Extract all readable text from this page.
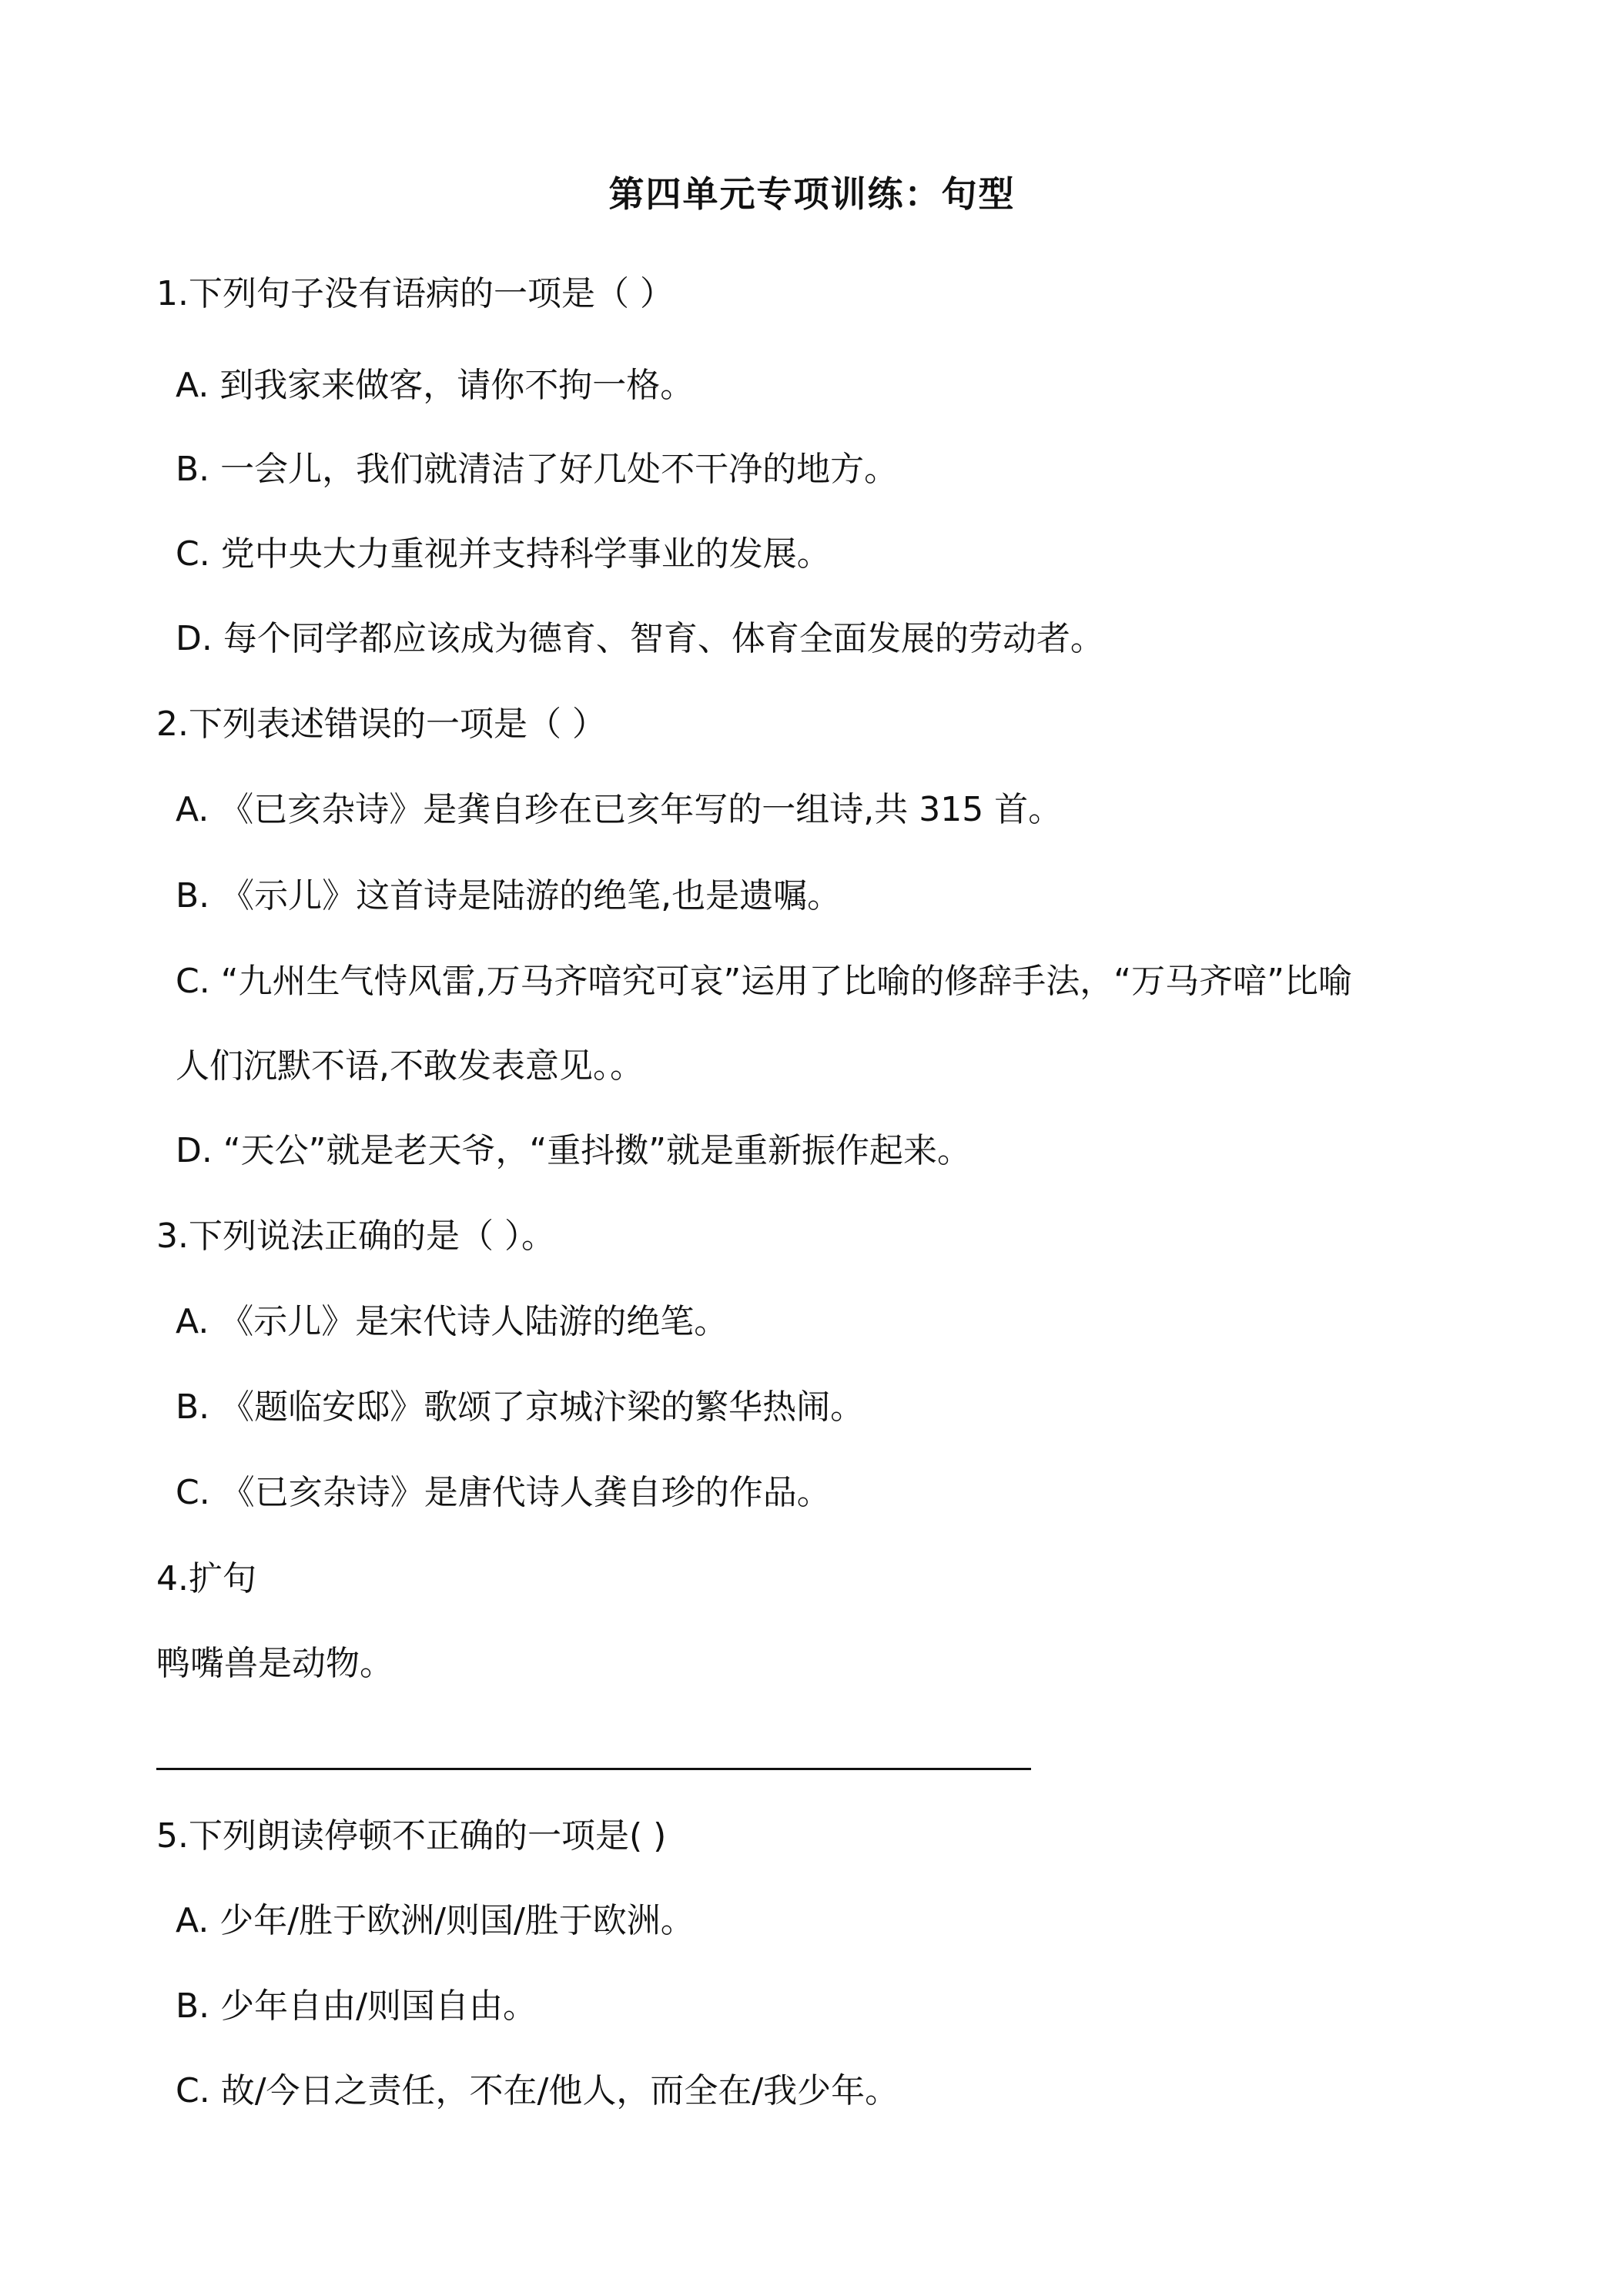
第四单元专项训练：句型
1.下列句子没有语病的一项是（ ）
A. 到我家来做客，请你不拘一格。
B. 一会儿，我们就清洁了好几处不干净的地方。
C. 党中央大力重视并支持科学事业的发展。
D. 每个同学都应该成为德育、智育、体育全面发展的劳动者。
2.下列表述错误的一项是（ ）
A. 《已亥杂诗》是龚自珍在已亥年写的一组诗,共 315 首。
B. 《示儿》这首诗是陆游的绝笔,也是遗嘱。
C. “九州生气恃风雷,万马齐喑究可哀”运用了比喻的修辞手法，“万马齐喑”比喻
人们沉默不语,不敢发表意见。。
D. “天公”就是老天爷，“重抖擞”就是重新振作起来。
3.下列说法正确的是（ ）。
A. 《示儿》是宋代诗人陆游的绝笔。
B. 《题临安邸》歌颂了京城汴梁的繁华热闹。
C. 《已亥杂诗》是唐代诗人龚自珍的作品。
4.扩句
鸭嘴兽是动物。
5.下列朗读停顿不正确的一项是( )
A. 少年/胜于欧洲/则国/胜于欧洲。
B. 少年自由/则国自由。
C. 故/今日之责任，不在/他人，而全在/我少年。
